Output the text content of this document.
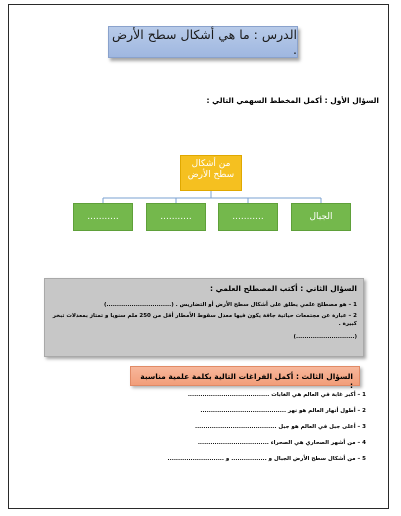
الدرس : ما هي أشكال سطح الأرض .
السؤال الأول : أكمل المخطط السهمي التالي :
من أشكال سطح الأرض
الجبال
...........
...........
...........
السؤال الثاني : أكتب المصطلح العلمي :
1 – هو مصطلح علمي يطلق على أشكال سطح الأرض أو التضاريس . (...............................)
2 – عبارة عن مجتمعات حياتية جافة يكون فيها معدل سقوط الأمطار أقل من 250 ملم سنويا و تمتاز بمعدلات تبخر كبيرة .
(............................)
السؤال الثالث : أكمل الفراغات التالية بكلمة علمية مناسبة :
1 – أكبر غابة في العالم هي الغابات .......................................
2 – أطول أنهار العالم هو نهر .........................................
3 – أعلى جبل في العالم هو جبل .......................................
4 – من أشهر الصحاري هي الصحراء ..................................
5 – من أشكال سطح الأرض الجبال و ................. و ...........................
